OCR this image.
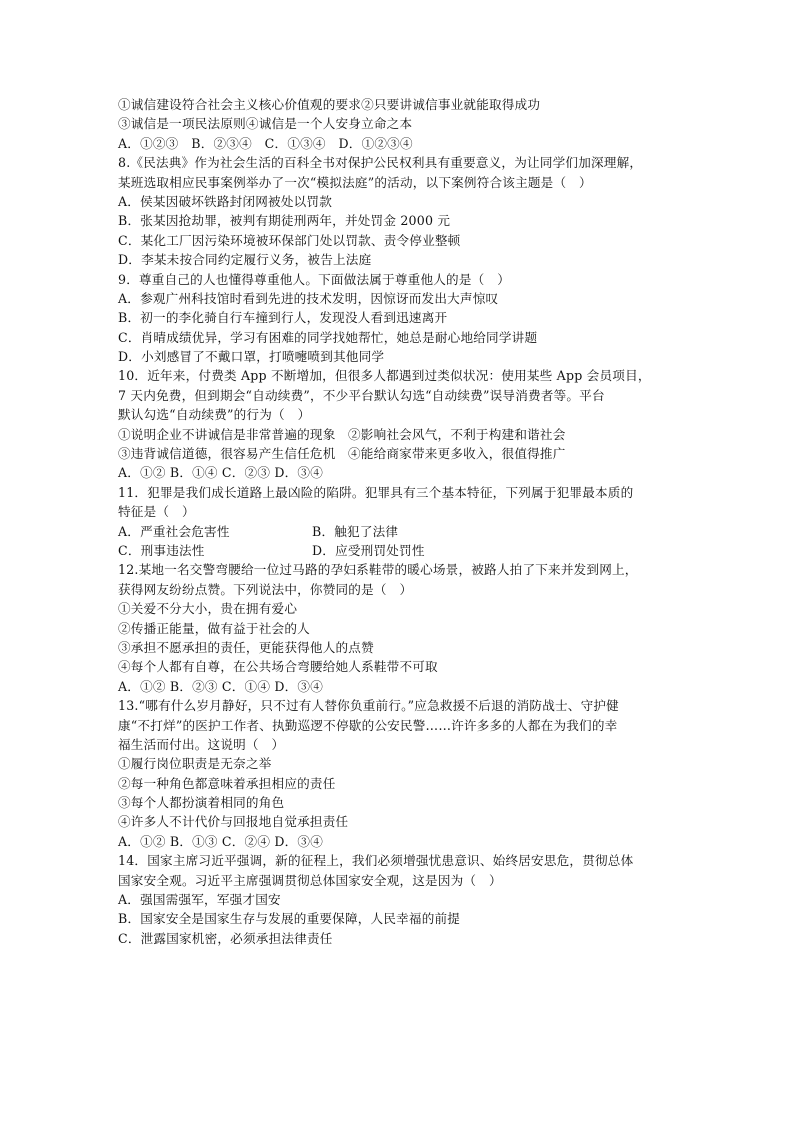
①诚信建设符合社会主义核心价值观的要求②只要讲诚信事业就能取得成功
③诚信是一项民法原则④诚信是一个人安身立命之本
A．①②③　B．②③④　C．①③④　D．①②③④
8.《民法典》作为社会生活的百科全书对保护公民权利具有重要意义，为让同学们加深理解，
某班选取相应民事案例举办了一次“模拟法庭”的活动，以下案例符合该主题是（　）
A．侯某因破坏铁路封闭网被处以罚款
B．张某因抢劫罪，被判有期徒刑两年，并处罚金 2000 元
C．某化工厂因污染环境被环保部门处以罚款、责令停业整顿
D．李某未按合同约定履行义务，被告上法庭
9．尊重自己的人也懂得尊重他人。下面做法属于尊重他人的是（　）
A．参观广州科技馆时看到先进的技术发明，因惊讶而发出大声惊叹
B．初一的李化骑自行车撞到行人，发现没人看到迅速离开
C．肖晴成绩优异，学习有困难的同学找她帮忙，她总是耐心地给同学讲题
D．小刘感冒了不戴口罩，打喷嚏喷到其他同学
10．近年来，付费类 App 不断增加，但很多人都遇到过类似状况：使用某些 App 会员项目，
7 天内免费，但到期会“自动续费”，不少平台默认勾选“自动续费”误导消费者等。平台
默认勾选“自动续费”的行为（　）
①说明企业不讲诚信是非常普遍的现象 ②影响社会风气，不利于构建和谐社会
③违背诚信道德，很容易产生信任危机 ④能给商家带来更多收入，很值得推广
A．①② B．①④ C．②③ D．③④
11．犯罪是我们成长道路上最凶险的陷阱。犯罪具有三个基本特征，下列属于犯罪最本质的
特征是（　）
A．严重社会危害性	B．触犯了法律
C．刑事违法性	D．应受刑罚处罚性
12.某地一名交警弯腰给一位过马路的孕妇系鞋带的暖心场景，被路人拍了下来并发到网上，
获得网友纷纷点赞。下列说法中，你赞同的是（　）
①关爱不分大小，贵在拥有爱心
②传播正能量，做有益于社会的人
③承担不愿承担的责任，更能获得他人的点赞
④每个人都有自尊，在公共场合弯腰给她人系鞋带不可取
A．①② B．②③ C．①④ D．③④
13.“哪有什么岁月静好，只不过有人替你负重前行。”应急救援不后退的消防战士、守护健
康“不打烊”的医护工作者、执勤巡逻不停歇的公安民警……许许多多的人都在为我们的幸
福生活而付出。这说明（　）
①履行岗位职责是无奈之举
②每一种角色都意味着承担相应的责任
③每个人都扮演着相同的角色
④许多人不计代价与回报地自觉承担责任
A．①② B．①③ C．②④ D．③④
14．国家主席习近平强调，新的征程上，我们必须增强忧患意识、始终居安思危，贯彻总体
国家安全观。习近平主席强调贯彻总体国家安全观，这是因为（　）
A．强国需强军，军强才国安
B．国家安全是国家生存与发展的重要保障，人民幸福的前提
C．泄露国家机密，必须承担法律责任
